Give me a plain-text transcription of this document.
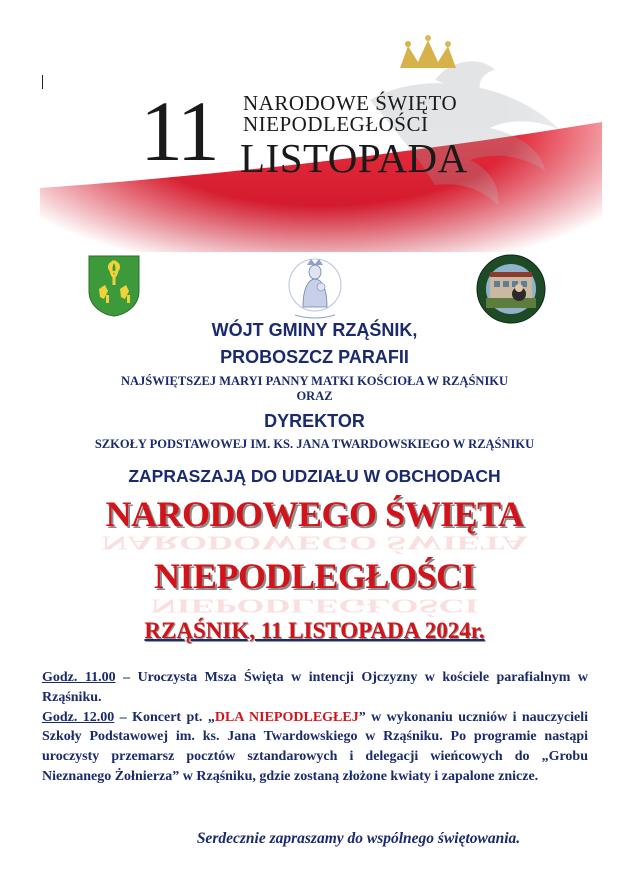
11 NARODOWE ŚWIĘTO
NIEPODLEGŁOŚCI
LISTOPADA
WÓJT GMINY RZĄŚNIK,
PROBOSZCZ PARAFII
NAJŚWIĘTSZEJ MARYI PANNY MATKI KOŚCIOŁA W RZĄŚNIKU
ORAZ
DYREKTOR
SZKOŁY PODSTAWOWEJ IM. KS. JANA TWARDOWSKIEGO W RZĄŚNIKU
ZAPRASZAJĄ DO UDZIAŁU W OBCHODACH
NARODOWEGO ŚWIĘTA
NIEPODLEGŁOŚCI
NARODOWEGO ŚWIĘTA
NIEPODLEGŁOŚCI
RZĄŚNIK, 11 LISTOPADA 2024r.

Godz. 11.00 – Uroczysta Msza Święta w intencji Ojczyzny w kościele parafialnym w Rząśniku.

Godz. 12.00 – Koncert pt. „DLA NIEPODLEGŁEJ” w wykonaniu uczniów i nauczycieli Szkoły Podstawowej im. ks. Jana Twardowskiego w Rząśniku. Po programie nastąpi uroczysty przemarsz pocztów sztandarowych i delegacji wieńcowych do „Grobu Nieznanego Żołnierza” w Rząśniku, gdzie zostaną złożone kwiaty i zapalone znicze.

Serdecznie zapraszamy do wspólnego świętowania.
